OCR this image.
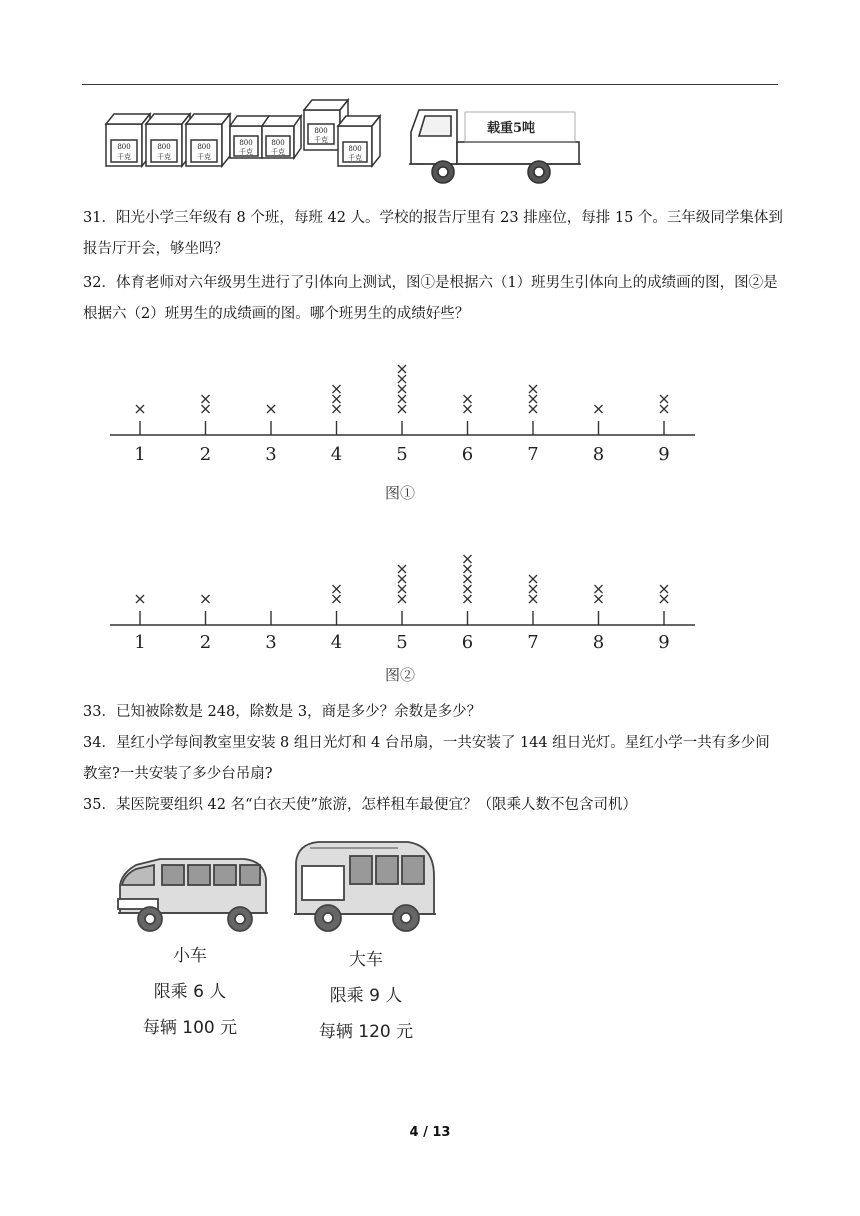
800
千克
800
千克
800
千克
800
千克
800
千克
800
千克
800
千克
载重5吨

31．阳光小学三年级有 8 个班，每班 42 人。学校的报告厅里有 23 排座位，每排 15 个。三年级同学集体到报告厅开会，够坐吗？

32．体育老师对六年级男生进行了引体向上测试，图①是根据六（1）班男生引体向上的成绩画的图，图②是根据六（2）班男生的成绩画的图。哪个班男生的成绩好些？

1	2	3	4	5	6	7	8	9
图①
1	2	3	4	5	6	7	8	9
图②

33．已知被除数是 248，除数是 3，商是多少？余数是多少？

34．星红小学每间教室里安装 8 组日光灯和 4 台吊扇，一共安装了 144 组日光灯。星红小学一共有多少间教室?一共安装了多少台吊扇?

35．某医院要组织 42 名“白衣天使”旅游，怎样租车最便宜？（限乘人数不包含司机）

小车
限乘 6 人
每辆 100 元
大车
限乘 9 人
每辆 120 元
4 / 13
